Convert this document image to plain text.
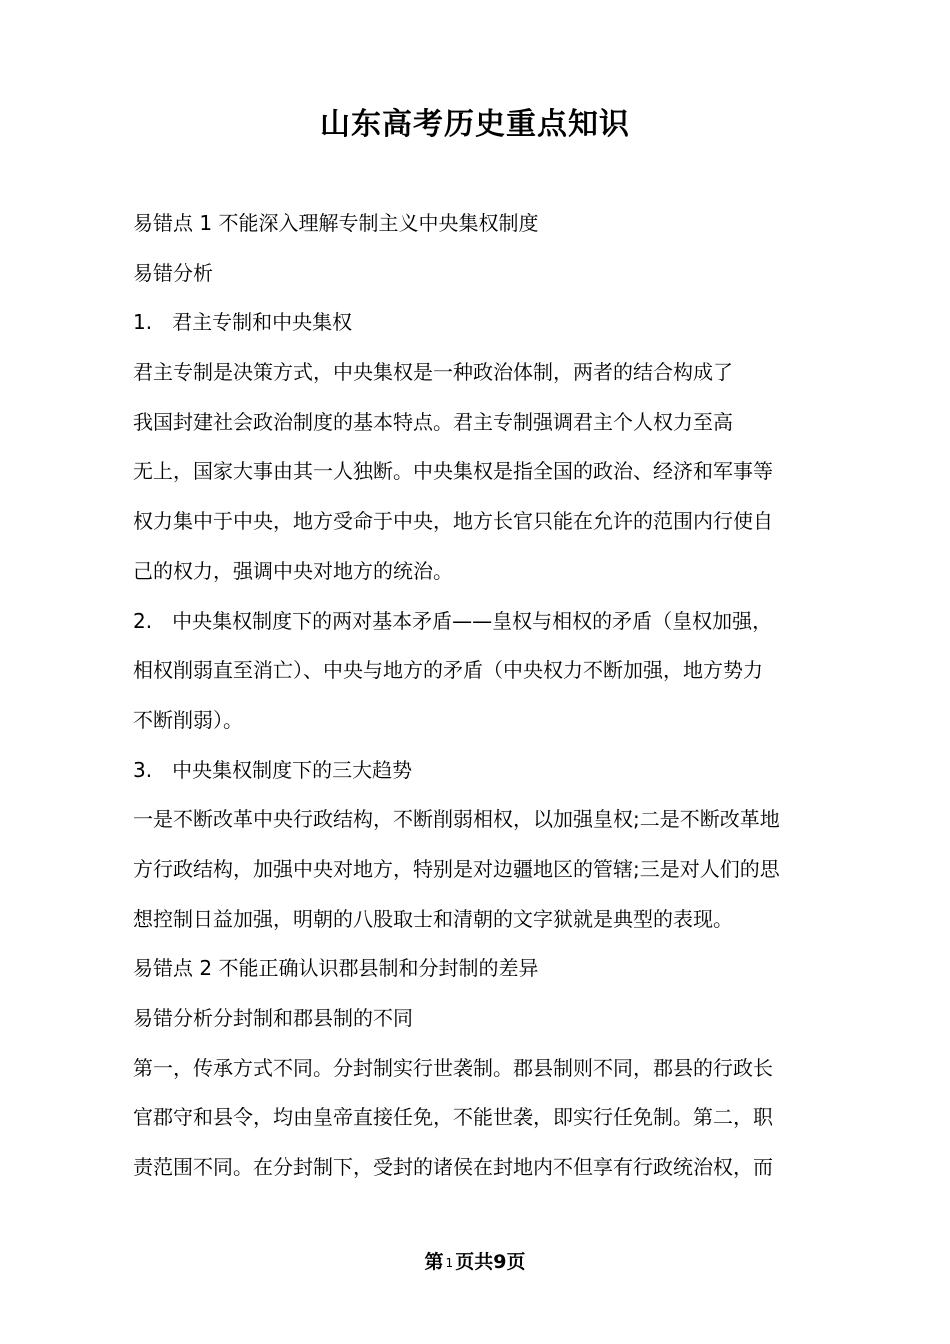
山东高考历史重点知识
易错点 1 不能深入理解专制主义中央集权制度
易错分析
1.　君主专制和中央集权
君主专制是决策方式，中央集权是一种政治体制，两者的结合构成了
我国封建社会政治制度的基本特点。君主专制强调君主个人权力至高
无上，国家大事由其一人独断。中央集权是指全国的政治、经济和军事等
权力集中于中央，地方受命于中央，地方长官只能在允许的范围内行使自
己的权力，强调中央对地方的统治。
2.　中央集权制度下的两对基本矛盾——皇权与相权的矛盾（皇权加强，
相权削弱直至消亡）、中央与地方的矛盾（中央权力不断加强，地方势力
不断削弱）。
3.　中央集权制度下的三大趋势
一是不断改革中央行政结构，不断削弱相权，以加强皇权;二是不断改革地
方行政结构，加强中央对地方，特别是对边疆地区的管辖;三是对人们的思
想控制日益加强，明朝的八股取士和清朝的文字狱就是典型的表现。
易错点 2 不能正确认识郡县制和分封制的差异
易错分析分封制和郡县制的不同
第一，传承方式不同。分封制实行世袭制。郡县制则不同，郡县的行政长
官郡守和县令，均由皇帝直接任免，不能世袭，即实行任免制。第二，职
责范围不同。在分封制下，受封的诸侯在封地内不但享有行政统治权，而
第 1 页共9页
